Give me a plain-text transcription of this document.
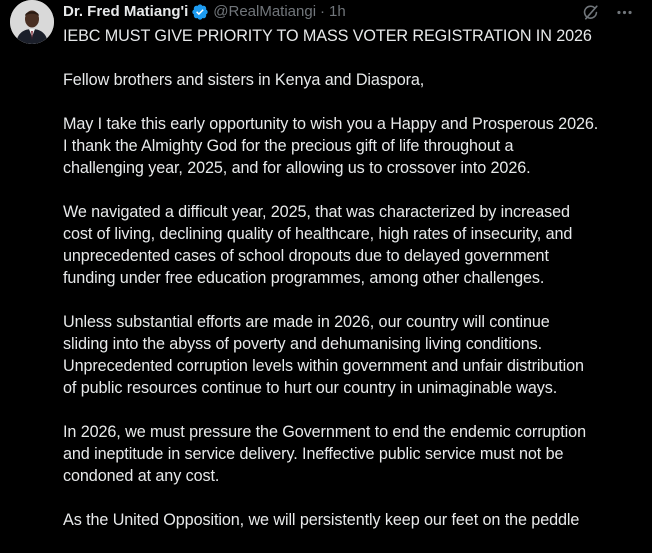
Dr. Fred Matiang'i @RealMatiangi · 1h

IEBC MUST GIVE PRIORITY TO MASS VOTER REGISTRATION IN 2026

Fellow brothers and sisters in Kenya and Diaspora,

May I take this early opportunity to wish you a Happy and Prosperous 2026.
I thank the Almighty God for the precious gift of life throughout a
challenging year, 2025, and for allowing us to crossover into 2026.

We navigated a difficult year, 2025, that was characterized by increased
cost of living, declining quality of healthcare, high rates of insecurity, and
unprecedented cases of school dropouts due to delayed government
funding under free education programmes, among other challenges.

Unless substantial efforts are made in 2026, our country will continue
sliding into the abyss of poverty and dehumanising living conditions.
Unprecedented corruption levels within government and unfair distribution
of public resources continue to hurt our country in unimaginable ways.

In 2026, we must pressure the Government to end the endemic corruption
and ineptitude in service delivery. Ineffective public service must not be
condoned at any cost.

As the United Opposition, we will persistently keep our feet on the peddle
